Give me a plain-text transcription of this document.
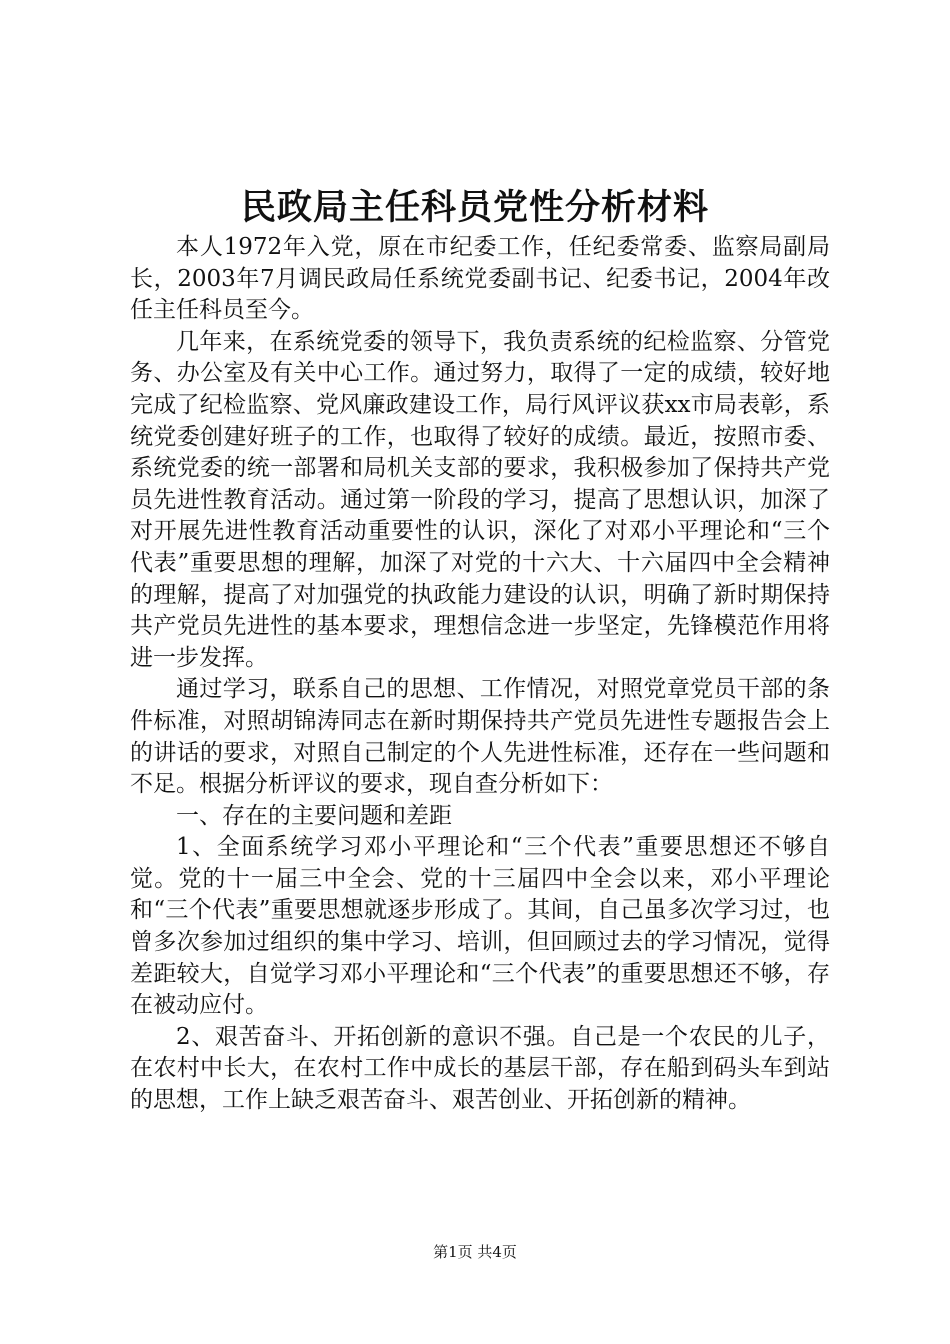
民政局主任科员党性分析材料

本人1972年入党，原在市纪委工作，任纪委常委、监察局副局长，2003年7月调民政局任系统党委副书记、纪委书记，2004年改任主任科员至今。

几年来，在系统党委的领导下，我负责系统的纪检监察、分管党务、办公室及有关中心工作。通过努力，取得了一定的成绩，较好地完成了纪检监察、党风廉政建设工作，局行风评议获xx市局表彰，系统党委创建好班子的工作，也取得了较好的成绩。最近，按照市委、系统党委的统一部署和局机关支部的要求，我积极参加了保持共产党员先进性教育活动。通过第一阶段的学习，提高了思想认识，加深了对开展先进性教育活动重要性的认识，深化了对邓小平理论和“三个代表”重要思想的理解，加深了对党的十六大、十六届四中全会精神的理解，提高了对加强党的执政能力建设的认识，明确了新时期保持共产党员先进性的基本要求，理想信念进一步坚定，先锋模范作用将进一步发挥。

通过学习，联系自己的思想、工作情况，对照党章党员干部的条件标准，对照胡锦涛同志在新时期保持共产党员先进性专题报告会上的讲话的要求，对照自己制定的个人先进性标准，还存在一些问题和不足。根据分析评议的要求，现自查分析如下：

一、存在的主要问题和差距

1、全面系统学习邓小平理论和“三个代表”重要思想还不够自觉。党的十一届三中全会、党的十三届四中全会以来，邓小平理论和“三个代表”重要思想就逐步形成了。其间，自己虽多次学习过，也曾多次参加过组织的集中学习、培训，但回顾过去的学习情况，觉得差距较大，自觉学习邓小平理论和“三个代表”的重要思想还不够，存在被动应付。

2、艰苦奋斗、开拓创新的意识不强。自己是一个农民的儿子，在农村中长大，在农村工作中成长的基层干部，存在船到码头车到站的思想，工作上缺乏艰苦奋斗、艰苦创业、开拓创新的精神。

第1页 共4页
